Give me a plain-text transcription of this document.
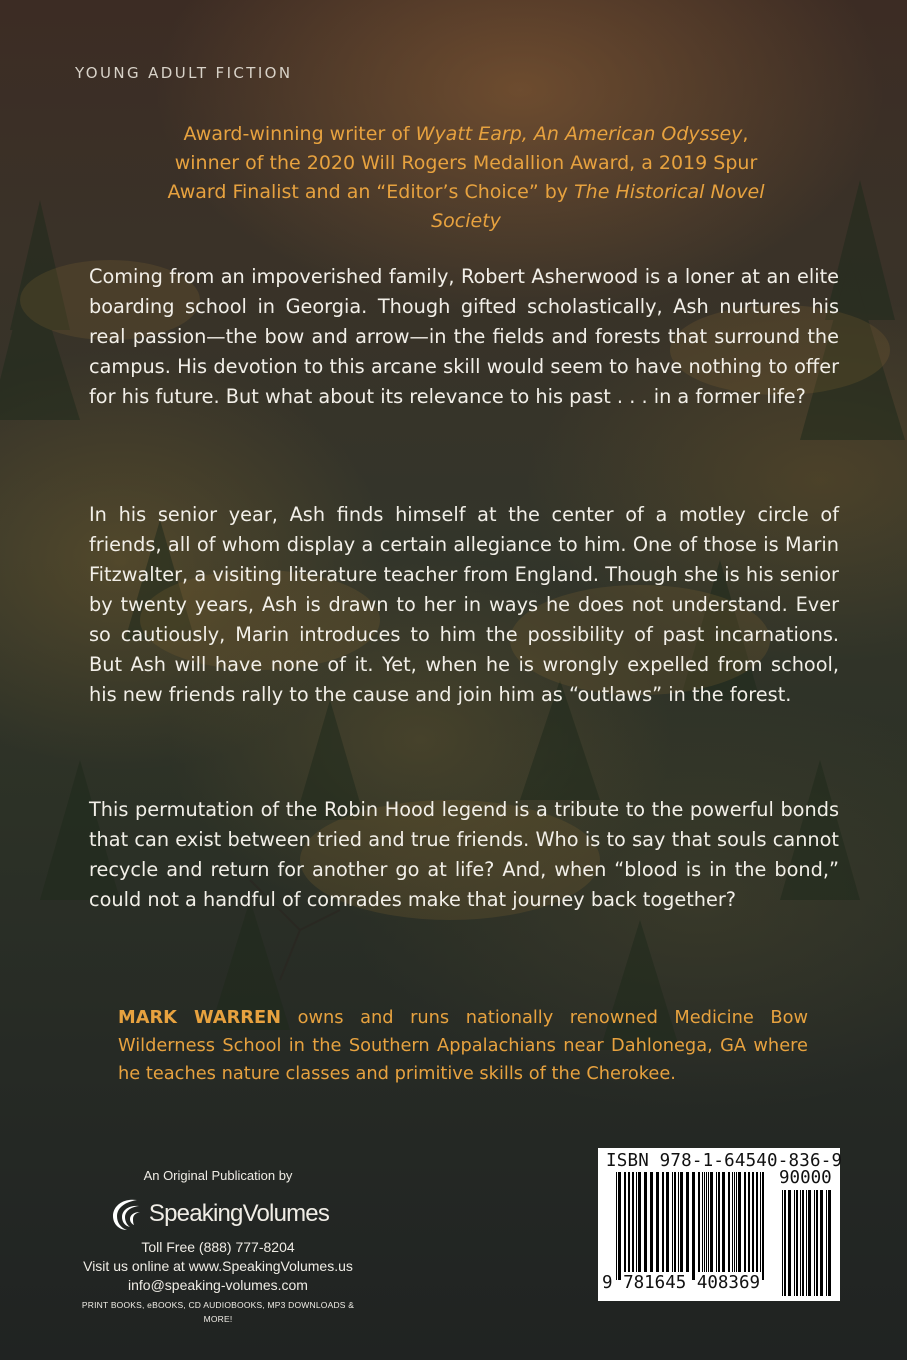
YOUNG ADULT FICTION
Award-winning writer of Wyatt Earp, An American Odyssey, winner of the 2020 Will Rogers Medallion Award, a 2019 Spur Award Finalist and an “Editor’s Choice” by The Historical Novel Society
Coming from an impoverished family, Robert Asherwood is a loner at an elite boarding school in Georgia. Though gifted scholastically, Ash nurtures his real passion—the bow and arrow—in the fields and forests that surround the campus. His devotion to this arcane skill would seem to have nothing to offer for his future. But what about its relevance to his past . . . in a former life?
In his senior year, Ash finds himself at the center of a motley circle of friends, all of whom display a certain allegiance to him. One of those is Marin Fitzwalter, a visiting literature teacher from England. Though she is his senior by twenty years, Ash is drawn to her in ways he does not understand. Ever so cautiously, Marin introduces to him the possibility of past incarnations. But Ash will have none of it. Yet, when he is wrongly expelled from school, his new friends rally to the cause and join him as “outlaws” in the forest.
This permutation of the Robin Hood legend is a tribute to the powerful bonds that can exist between tried and true friends. Who is to say that souls cannot recycle and return for another go at life? And, when “blood is in the bond,” could not a handful of comrades make that journey back together?
MARK WARREN owns and runs nationally renowned Medicine Bow Wilderness School in the Southern Appalachians near Dahlonega, GA where he teaches nature classes and primitive skills of the Cherokee.
An Original Publication by
SpeakingVolumes
Toll Free (888) 777-8204
Visit us online at www.SpeakingVolumes.us
info@speaking-volumes.com
PRINT BOOKS, eBOOKS, CD AUDIOBOOKS, MP3 DOWNLOADS & MORE!
ISBN 978-1-64540-836-9
90000
9 781645 408369
